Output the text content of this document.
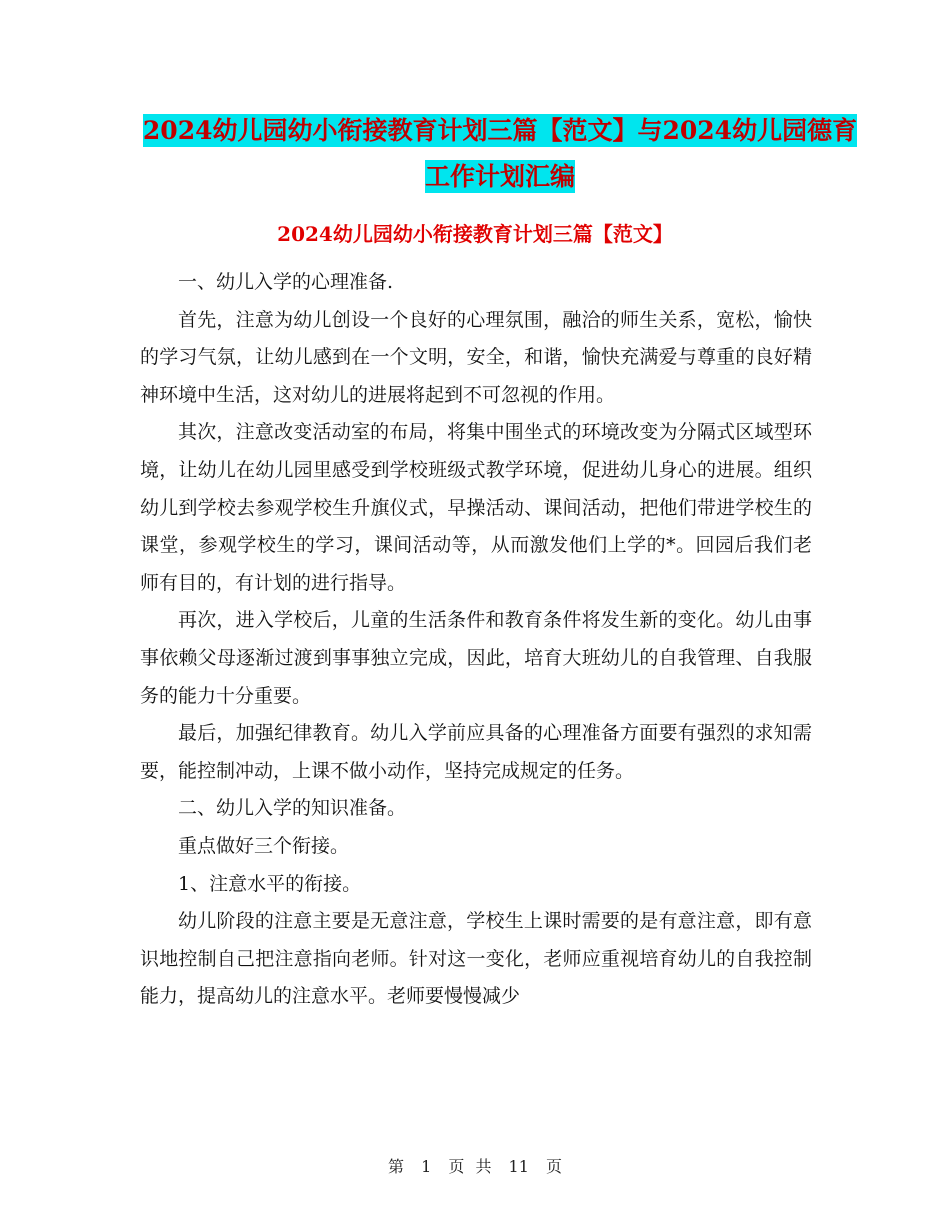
2024幼儿园幼小衔接教育计划三篇【范文】与2024幼儿园德育工作计划汇编
2024幼儿园幼小衔接教育计划三篇【范文】

一、幼儿入学的心理准备.

首先，注意为幼儿创设一个良好的心理氛围，融洽的师生关系，宽松，愉快的学习气氛，让幼儿感到在一个文明，安全，和谐，愉快充满爱与尊重的良好精神环境中生活，这对幼儿的进展将起到不可忽视的作用。

其次，注意改变活动室的布局，将集中围坐式的环境改变为分隔式区域型环境，让幼儿在幼儿园里感受到学校班级式教学环境，促进幼儿身心的进展。组织幼儿到学校去参观学校生升旗仪式，早操活动、课间活动，把他们带进学校生的课堂，参观学校生的学习，课间活动等，从而激发他们上学的*。回园后我们老师有目的，有计划的进行指导。

再次，进入学校后，儿童的生活条件和教育条件将发生新的变化。幼儿由事事依赖父母逐渐过渡到事事独立完成，因此，培育大班幼儿的自我管理、自我服务的能力十分重要。

最后，加强纪律教育。幼儿入学前应具备的心理准备方面要有强烈的求知需要，能控制冲动，上课不做小动作，坚持完成规定的任务。

二、幼儿入学的知识准备。

重点做好三个衔接。

1、注意水平的衔接。

幼儿阶段的注意主要是无意注意，学校生上课时需要的是有意注意，即有意识地控制自己把注意指向老师。针对这一变化，老师应重视培育幼儿的自我控制能力，提高幼儿的注意水平。老师要慢慢减少

第 1 页 共 11 页
